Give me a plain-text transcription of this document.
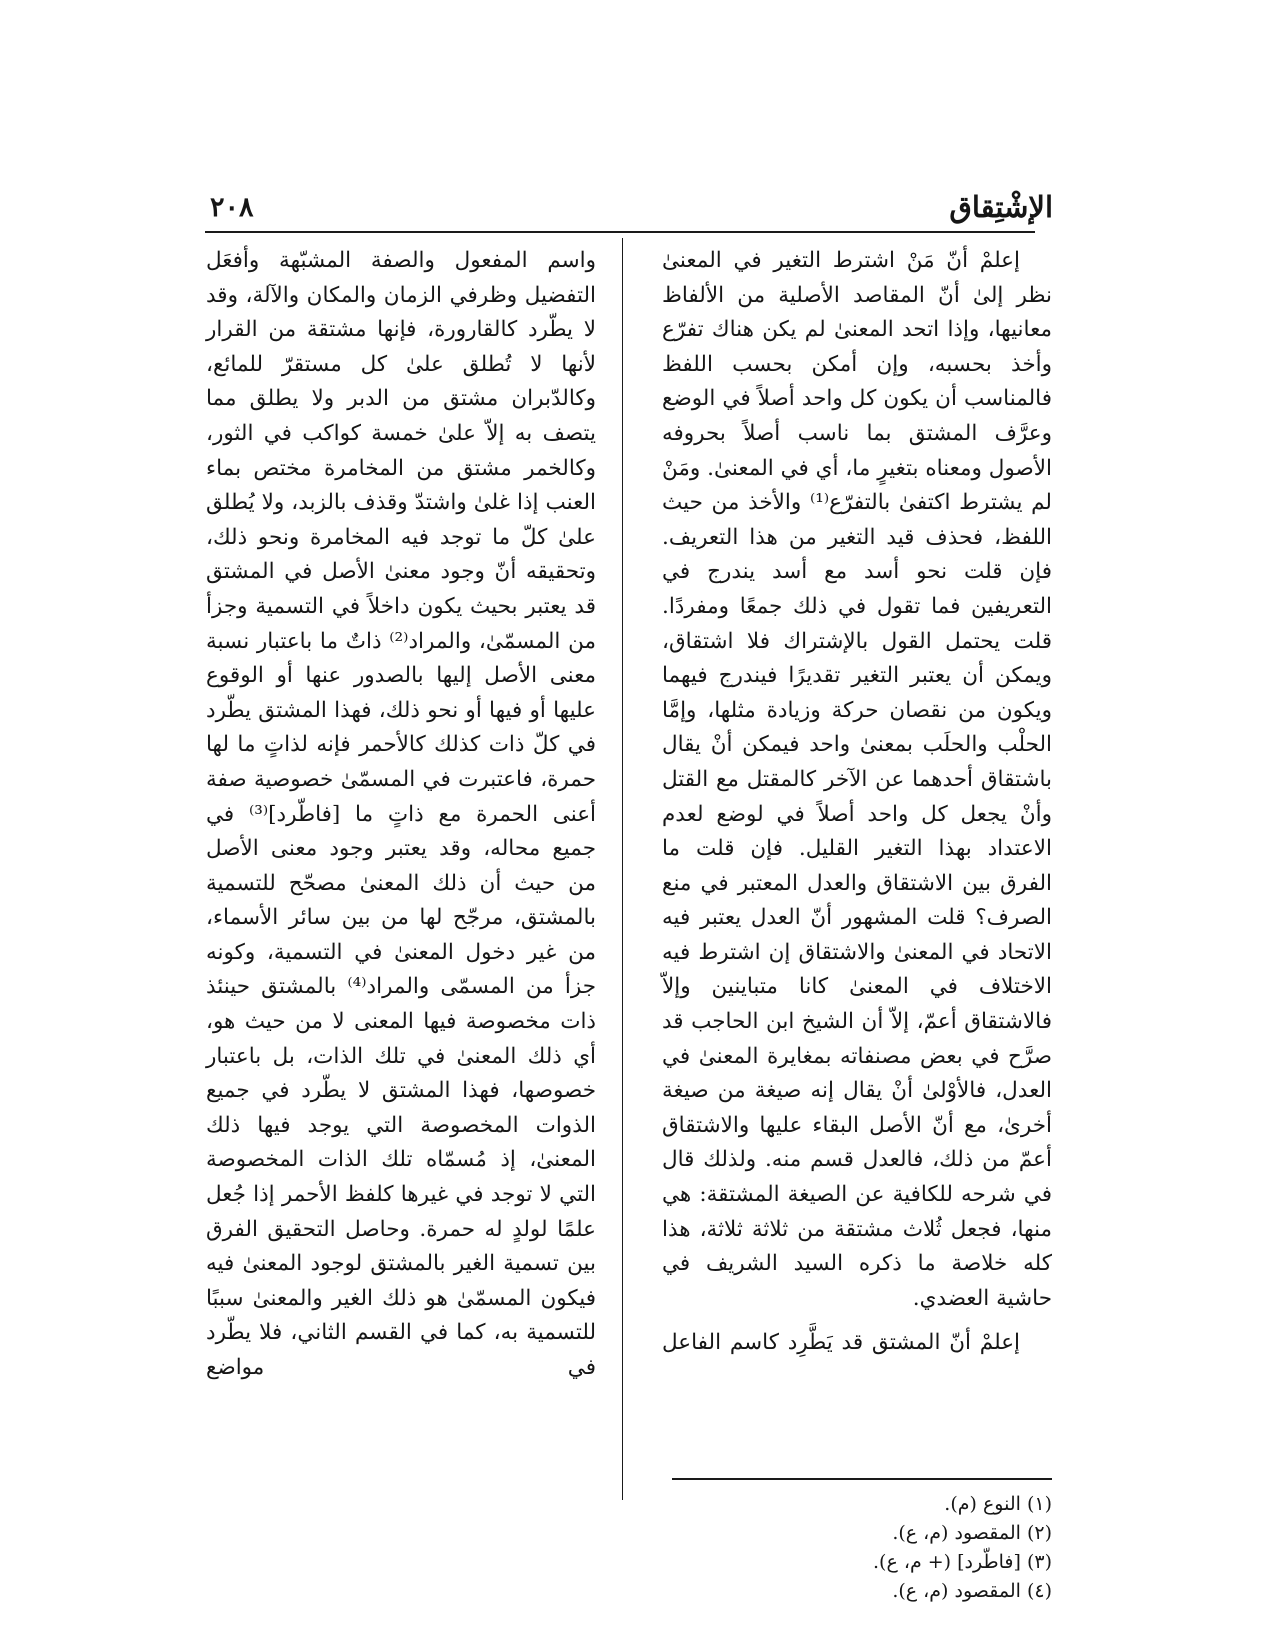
الإشْتِقاق
٢٠٨

إعلمْ أنّ مَنْ اشترط التغير في المعنىٰ نظر إلىٰ أنّ المقاصد الأصلية من الألفاظ معانيها، وإذا اتحد المعنىٰ لم يكن هناك تفرّع وأخذ بحسبه، وإن أمكن بحسب اللفظ فالمناسب أن يكون كل واحد أصلاً في الوضع وعرَّف المشتق بما ناسب أصلاً بحروفه الأصول ومعناه بتغيرٍ ما، أي في المعنىٰ. ومَنْ لم يشترط اكتفىٰ بالتفرّع⁽¹⁾ والأخذ من حيث اللفظ، فحذف قيد التغير من هذا التعريف. فإن قلت نحو أسد مع أسد يندرج في التعريفين فما تقول في ذلك جمعًا ومفردًا. قلت يحتمل القول بالإشتراك فلا اشتقاق، ويمكن أن يعتبر التغير تقديرًا فيندرج فيهما ويكون من نقصان حركة وزيادة مثلها، وإمَّا الحلْب والحلَب بمعنىٰ واحد فيمكن أنْ يقال باشتقاق أحدهما عن الآخر كالمقتل مع القتل وأنْ يجعل كل واحد أصلاً في لوضع لعدم الاعتداد بهذا التغير القليل. فإن قلت ما الفرق بين الاشتقاق والعدل المعتبر في منع الصرف؟ قلت المشهور أنّ العدل يعتبر فيه الاتحاد في المعنىٰ والاشتقاق إن اشترط فيه الاختلاف في المعنىٰ كانا متباينين وإلاّ فالاشتقاق أعمّ، إلاّ أن الشيخ ابن الحاجب قد صرَّح في بعض مصنفاته بمغايرة المعنىٰ في العدل، فالأوْلىٰ أنْ يقال إنه صيغة من صيغة أخرىٰ، مع أنّ الأصل البقاء عليها والاشتقاق أعمّ من ذلك، فالعدل قسم منه. ولذلك قال في شرحه للكافية عن الصيغة المشتقة: هي منها، فجعل ثُلاث مشتقة من ثلاثة ثلاثة، هذا كله خلاصة ما ذكره السيد الشريف في حاشية العضدي.

إعلمْ أنّ المشتق قد يَطَّرِد كاسم الفاعل

واسم المفعول والصفة المشبّهة وأفعَل التفضيل وظرفي الزمان والمكان والآلة، وقد لا يطّرد كالقارورة، فإنها مشتقة من القرار لأنها لا تُطلق علىٰ كل مستقرّ للمائع، وكالدّبران مشتق من الدبر ولا يطلق مما يتصف به إلاّ علىٰ خمسة كواكب في الثور، وكالخمر مشتق من المخامرة مختص بماء العنب إذا غلىٰ واشتدّ وقذف بالزبد، ولا يُطلق علىٰ كلّ ما توجد فيه المخامرة ونحو ذلك، وتحقيقه أنّ وجود معنىٰ الأصل في المشتق قد يعتبر بحيث يكون داخلاً في التسمية وجزأ من المسمّىٰ، والمراد⁽²⁾ ذاتٌ ما باعتبار نسبة معنى الأصل إليها بالصدور عنها أو الوقوع عليها أو فيها أو نحو ذلك، فهذا المشتق يطّرد في كلّ ذات كذلك كالأحمر فإنه لذاتٍ ما لها حمرة، فاعتبرت في المسمّىٰ خصوصية صفة أعنى الحمرة مع ذاتٍ ما [فاطّرد]⁽³⁾ في جميع محاله، وقد يعتبر وجود معنى الأصل من حيث أن ذلك المعنىٰ مصحّح للتسمية بالمشتق، مرجّح لها من بين سائر الأسماء، من غير دخول المعنىٰ في التسمية، وكونه جزأ من المسمّى والمراد⁽⁴⁾ بالمشتق حينئذ ذات مخصوصة فيها المعنى لا من حيث هو، أي ذلك المعنىٰ في تلك الذات، بل باعتبار خصوصها، فهذا المشتق لا يطّرد في جميع الذوات المخصوصة التي يوجد فيها ذلك المعنىٰ، إذ مُسمّاه تلك الذات المخصوصة التي لا توجد في غيرها كلفظ الأحمر إذا جُعل علمًا لولدٍ له حمرة. وحاصل التحقيق الفرق بين تسمية الغير بالمشتق لوجود المعنىٰ فيه فيكون المسمّىٰ هو ذلك الغير والمعنىٰ سببًا للتسمية به، كما في القسم الثاني، فلا يطّرد في مواضع

(١) النوع (م).
(٢) المقصود (م، ع).
(٣) [فاطّرد] (+ م، ع).
(٤) المقصود (م، ع).
